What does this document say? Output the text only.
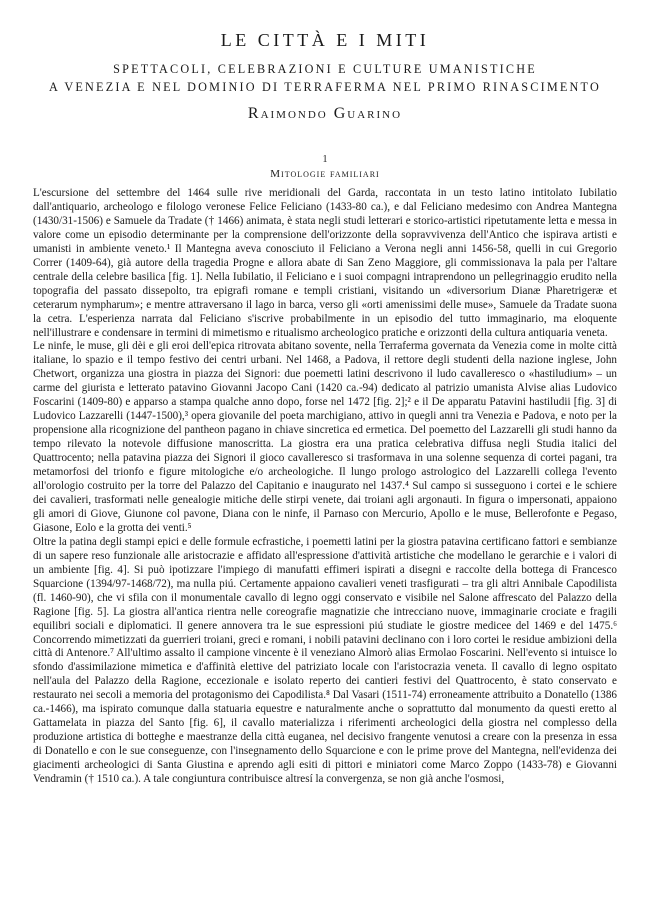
LE CITTÀ E I MITI
SPETTACOLI, CELEBRAZIONI E CULTURE UMANISTICHE
A VENEZIA E NEL DOMINIO DI TERRAFERMA NEL PRIMO RINASCIMENTO
Raimondo Guarino
1
Mitologie familiari

L'escursione del settembre del 1464 sulle rive meridionali del Garda, raccontata in un testo latino intitolato Iubilatio dall'antiquario, archeologo e filologo veronese Felice Feliciano (1433-80 ca.), e dal Feliciano medesimo con Andrea Mantegna (1430/31-1506) e Samuele da Tradate († 1466) animata, è stata negli studi letterari e storico-artistici ripetutamente letta e messa in valore come un episodio determinante per la comprensione dell'orizzonte della sopravvivenza dell'Antico che ispirava artisti e umanisti in ambiente veneto.¹ Il Mantegna aveva conosciuto il Feliciano a Verona negli anni 1456-58, quelli in cui Gregorio Correr (1409-64), già autore della tragedia Progne e allora abate di San Zeno Maggiore, gli commissionava la pala per l'altare centrale della celebre basilica [fig. 1]. Nella Iubilatio, il Feliciano e i suoi compagni intraprendono un pellegrinaggio erudito nella topografia del passato dissepolto, tra epigrafi romane e templi cristiani, visitando un «diversorium Dianæ Pharetrigeræ et ceterarum nympharum»; e mentre attraversano il lago in barca, verso gli «orti amenissimi delle muse», Samuele da Tradate suona la cetra. L'esperienza narrata dal Feliciano s'iscrive probabilmente in un episodio del tutto immaginario, ma eloquente nell'illustrare e condensare in termini di mimetismo e ritualismo archeologico pratiche e orizzonti della cultura antiquaria veneta.

Le ninfe, le muse, gli dèi e gli eroi dell'epica ritrovata abitano sovente, nella Terraferma governata da Venezia come in molte città italiane, lo spazio e il tempo festivo dei centri urbani. Nel 1468, a Padova, il rettore degli studenti della nazione inglese, John Chetwort, organizza una giostra in piazza dei Signori: due poemetti latini descrivono il ludo cavalleresco o «hastiludium» – un carme del giurista e letterato patavino Giovanni Jacopo Cani (1420 ca.-94) dedicato al patrizio umanista Alvise alias Ludovico Foscarini (1409-80) e apparso a stampa qualche anno dopo, forse nel 1472 [fig. 2];² e il De apparatu Patavini hastiludii [fig. 3] di Ludovico Lazzarelli (1447-1500),³ opera giovanile del poeta marchigiano, attivo in quegli anni tra Venezia e Padova, e noto per la propensione alla ricognizione del pantheon pagano in chiave sincretica ed ermetica. Del poemetto del Lazzarelli gli studi hanno da tempo rilevato la notevole diffusione manoscritta. La giostra era una pratica celebrativa diffusa negli Studia italici del Quattrocento; nella patavina piazza dei Signori il gioco cavalleresco si trasformava in una solenne sequenza di cortei pagani, tra metamorfosi del trionfo e figure mitologiche e/o archeologiche. Il lungo prologo astrologico del Lazzarelli collega l'evento all'orologio costruito per la torre del Palazzo del Capitanio e inaugurato nel 1437.⁴ Sul campo si susseguono i cortei e le schiere dei cavalieri, trasformati nelle genealogie mitiche delle stirpi venete, dai troiani agli argonauti. In figura o impersonati, appaiono gli amori di Giove, Giunone col pavone, Diana con le ninfe, il Parnaso con Mercurio, Apollo e le muse, Bellerofonte e Pegaso, Giasone, Eolo e la grotta dei venti.⁵

Oltre la patina degli stampi epici e delle formule ecfrastiche, i poemetti latini per la giostra patavina certificano fattori e sembianze di un sapere reso funzionale alle aristocrazie e affidato all'espressione d'attività artistiche che modellano le gerarchie e i valori di un ambiente [fig. 4]. Si può ipotizzare l'impiego di manufatti effimeri ispirati a disegni e raccolte della bottega di Francesco Squarcione (1394/97-1468/72), ma nulla piú. Certamente appaiono cavalieri veneti trasfigurati – tra gli altri Annibale Capodilista (fl. 1460-90), che vi sfila con il monumentale cavallo di legno oggi conservato e visibile nel Salone affrescato del Palazzo della Ragione [fig. 5]. La giostra all'antica rientra nelle coreografie magnatizie che intrecciano nuove, immaginarie crociate e fragili equilibri sociali e diplomatici. Il genere annovera tra le sue espressioni piú studiate le giostre medicee del 1469 e del 1475.⁶ Concorrendo mimetizzati da guerrieri troiani, greci e romani, i nobili patavini declinano con i loro cortei le residue ambizioni della città di Antenore.⁷ All'ultimo assalto il campione vincente è il veneziano Almorò alias Ermolao Foscarini. Nell'evento si intuisce lo sfondo d'assimilazione mimetica e d'affinità elettive del patriziato locale con l'aristocrazia veneta. Il cavallo di legno ospitato nell'aula del Palazzo della Ragione, eccezionale e isolato reperto dei cantieri festivi del Quattrocento, è stato conservato e restaurato nei secoli a memoria del protagonismo dei Capodilista.⁸ Dal Vasari (1511-74) erroneamente attribuito a Donatello (1386 ca.-1466), ma ispirato comunque dalla statuaria equestre e naturalmente anche o soprattutto dal monumento da questi eretto al Gattamelata in piazza del Santo [fig. 6], il cavallo materializza i riferimenti archeologici della giostra nel complesso della produzione artistica di botteghe e maestranze della città euganea, nel decisivo frangente venutosi a creare con la presenza in essa di Donatello e con le sue conseguenze, con l'insegnamento dello Squarcione e con le prime prove del Mantegna, nell'evidenza dei giacimenti archeologici di Santa Giustina e aprendo agli esiti di pittori e miniatori come Marco Zoppo (1433-78) e Giovanni Vendramin († 1510 ca.). A tale congiuntura contribuisce altresí la convergenza, se non già anche l'osmosi,
